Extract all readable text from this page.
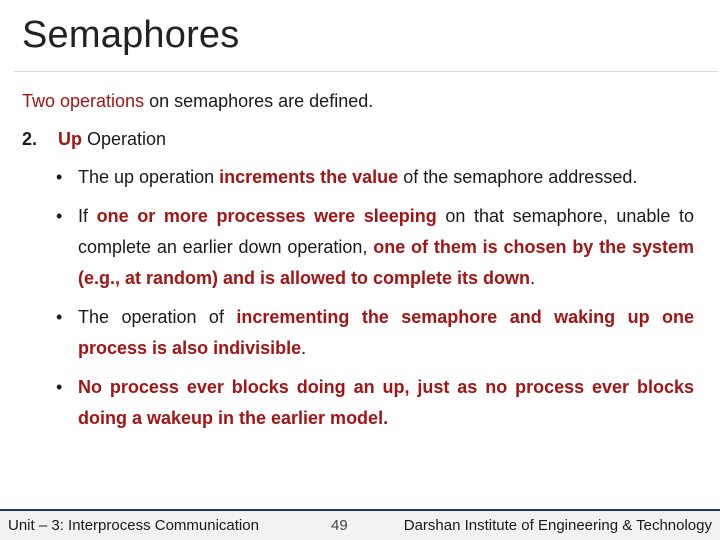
Semaphores

Two operations on semaphores are defined.

2. Up Operation

• The up operation increments the value of the semaphore addressed.
• If one or more processes were sleeping on that semaphore, unable to complete an earlier down operation, one of them is chosen by the system (e.g., at random) and is allowed to complete its down.
• The operation of incrementing the semaphore and waking up one process is also indivisible.
• No process ever blocks doing an up, just as no process ever blocks doing a wakeup in the earlier model.
Unit – 3: Interprocess Communication	49	Darshan Institute of Engineering & Technology
